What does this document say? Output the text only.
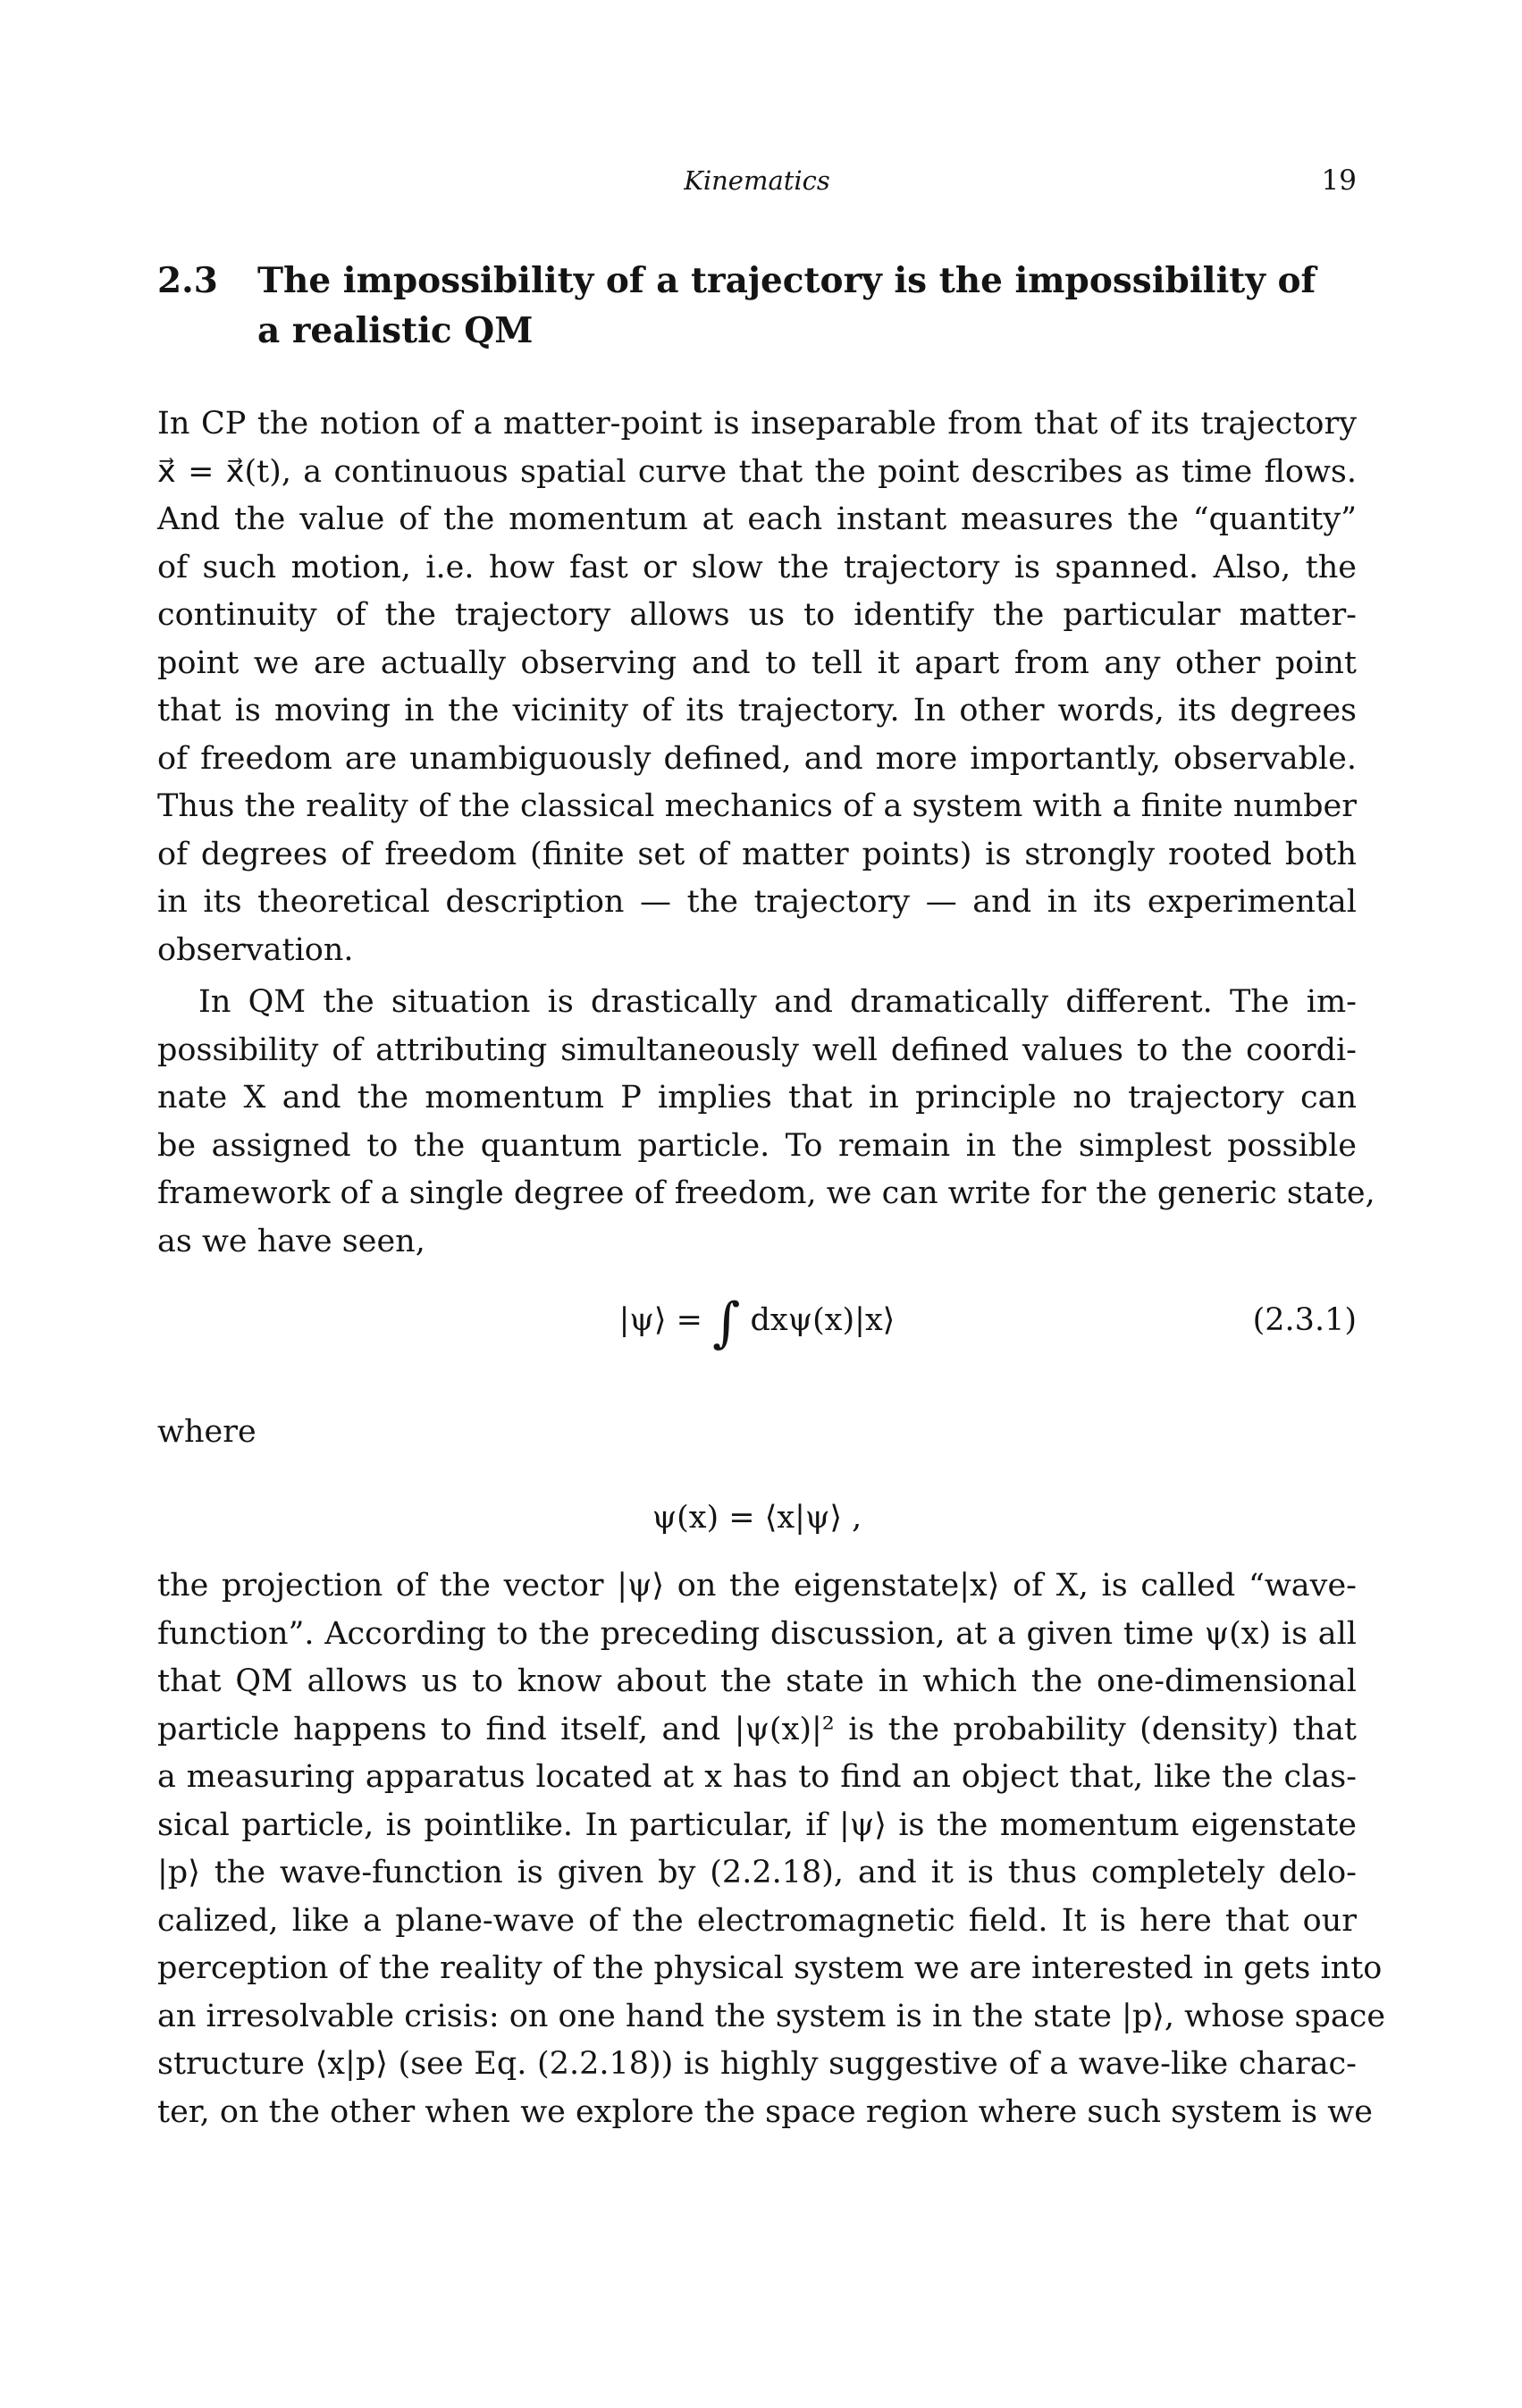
Kinematics	19
2.3 The impossibility of a trajectory is the impossibility of
a realistic QM
In CP the notion of a matter-point is inseparable from that of its trajectory
x⃗ = x⃗(t), a continuous spatial curve that the point describes as time flows.
And the value of the momentum at each instant measures the “quantity”
of such motion, i.e. how fast or slow the trajectory is spanned. Also, the
continuity of the trajectory allows us to identify the particular matter-
point we are actually observing and to tell it apart from any other point
that is moving in the vicinity of its trajectory. In other words, its degrees
of freedom are unambiguously defined, and more importantly, observable.
Thus the reality of the classical mechanics of a system with a finite number
of degrees of freedom (finite set of matter points) is strongly rooted both
in its theoretical description — the trajectory — and in its experimental
observation.
In QM the situation is drastically and dramatically different. The im-
possibility of attributing simultaneously well defined values to the coordi-
nate X and the momentum P implies that in principle no trajectory can
be assigned to the quantum particle. To remain in the simplest possible
framework of a single degree of freedom, we can write for the generic state,
as we have seen,
|ψ⟩ = ∫ dxψ(x)|x⟩	(2.3.1)
where
ψ(x) = ⟨x|ψ⟩ ,
the projection of the vector |ψ⟩ on the eigenstate|x⟩ of X, is called “wave-
function”. According to the preceding discussion, at a given time ψ(x) is all
that QM allows us to know about the state in which the one-dimensional
particle happens to find itself, and |ψ(x)|² is the probability (density) that
a measuring apparatus located at x has to find an object that, like the clas-
sical particle, is pointlike. In particular, if |ψ⟩ is the momentum eigenstate
|p⟩ the wave-function is given by (2.2.18), and it is thus completely delo-
calized, like a plane-wave of the electromagnetic field. It is here that our
perception of the reality of the physical system we are interested in gets into
an irresolvable crisis: on one hand the system is in the state |p⟩, whose space
structure ⟨x|p⟩ (see Eq. (2.2.18)) is highly suggestive of a wave-like charac-
ter, on the other when we explore the space region where such system is we
